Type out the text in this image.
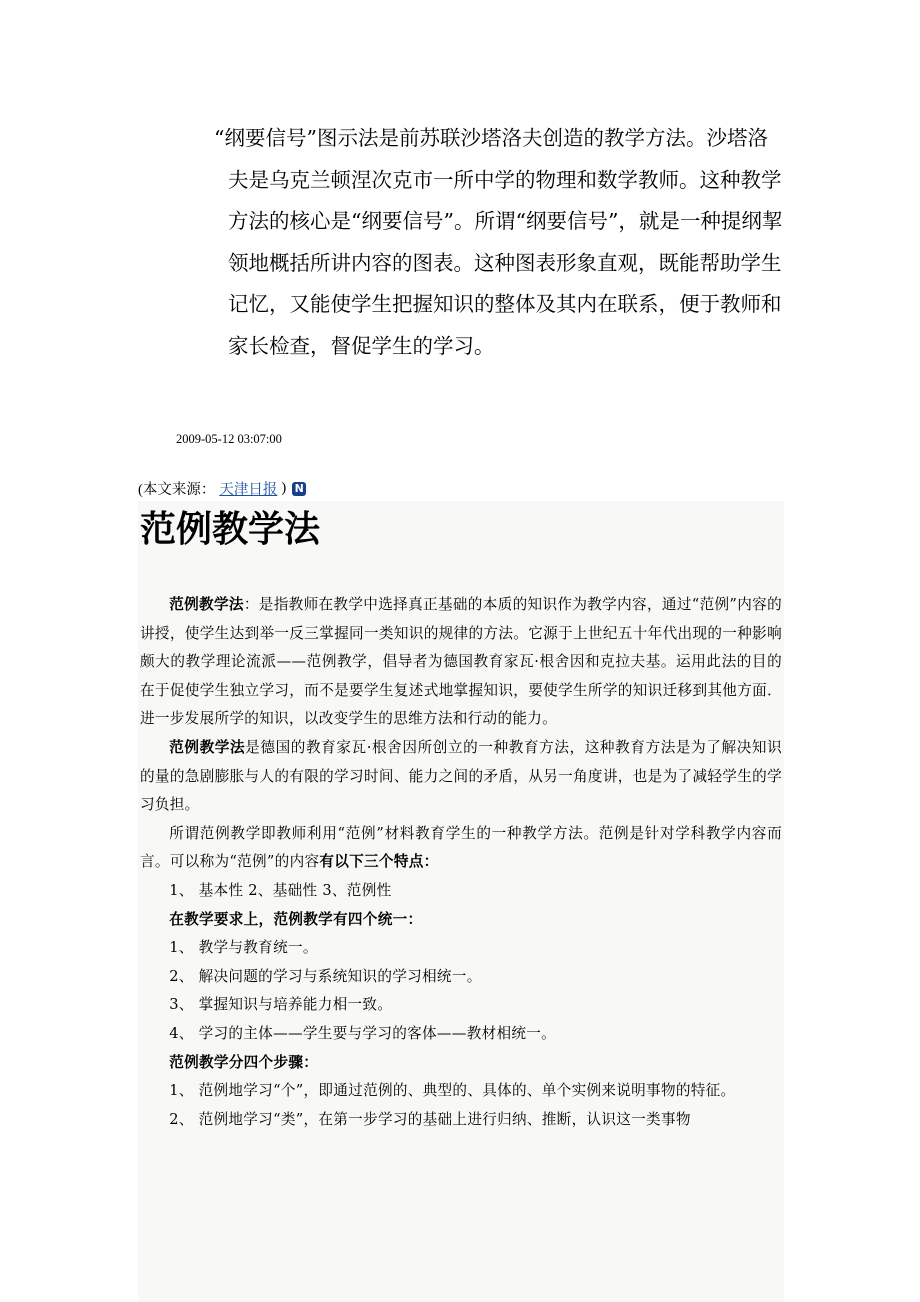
“纲要信号”图示法是前苏联沙塔洛夫创造的教学方法。沙塔洛夫是乌克兰顿涅次克市一所中学的物理和数学教师。这种教学方法的核心是“纲要信号”。所谓“纲要信号”，就是一种提纲挈领地概括所讲内容的图表。这种图表形象直观，既能帮助学生记忆，又能使学生把握知识的整体及其内在联系，便于教师和家长检查，督促学生的学习。

2009-05-12 03:07:00
(本文来源： 天津日报 ) N
范例教学法

范例教学法：是指教师在教学中选择真正基础的本质的知识作为教学内容，通过“范例”内容的讲授，使学生达到举一反三掌握同一类知识的规律的方法。它源于上世纪五十年代出现的一种影响颇大的教学理论流派——范例教学，倡导者为德国教育家瓦·根舍因和克拉夫基。运用此法的目的在于促使学生独立学习，而不是要学生复述式地掌握知识，要使学生所学的知识迁移到其他方面．进一步发展所学的知识，以改变学生的思维方法和行动的能力。

范例教学法是德国的教育家瓦·根舍因所创立的一种教育方法，这种教育方法是为了解决知识的量的急剧膨胀与人的有限的学习时间、能力之间的矛盾，从另一角度讲，也是为了减轻学生的学习负担。

所谓范例教学即教师利用“范例”材料教育学生的一种教学方法。范例是针对学科教学内容而言。可以称为“范例”的内容有以下三个特点：

1、 基本性 2、基础性 3、范例性

在教学要求上，范例教学有四个统一：

1、 教学与教育统一。

2、 解决问题的学习与系统知识的学习相统一。

3、 掌握知识与培养能力相一致。

4、 学习的主体——学生要与学习的客体——教材相统一。

范例教学分四个步骤：

1、 范例地学习“个”，即通过范例的、典型的、具体的、单个实例来说明事物的特征。

2、 范例地学习“类”，在第一步学习的基础上进行归纳、推断，认识这一类事物
